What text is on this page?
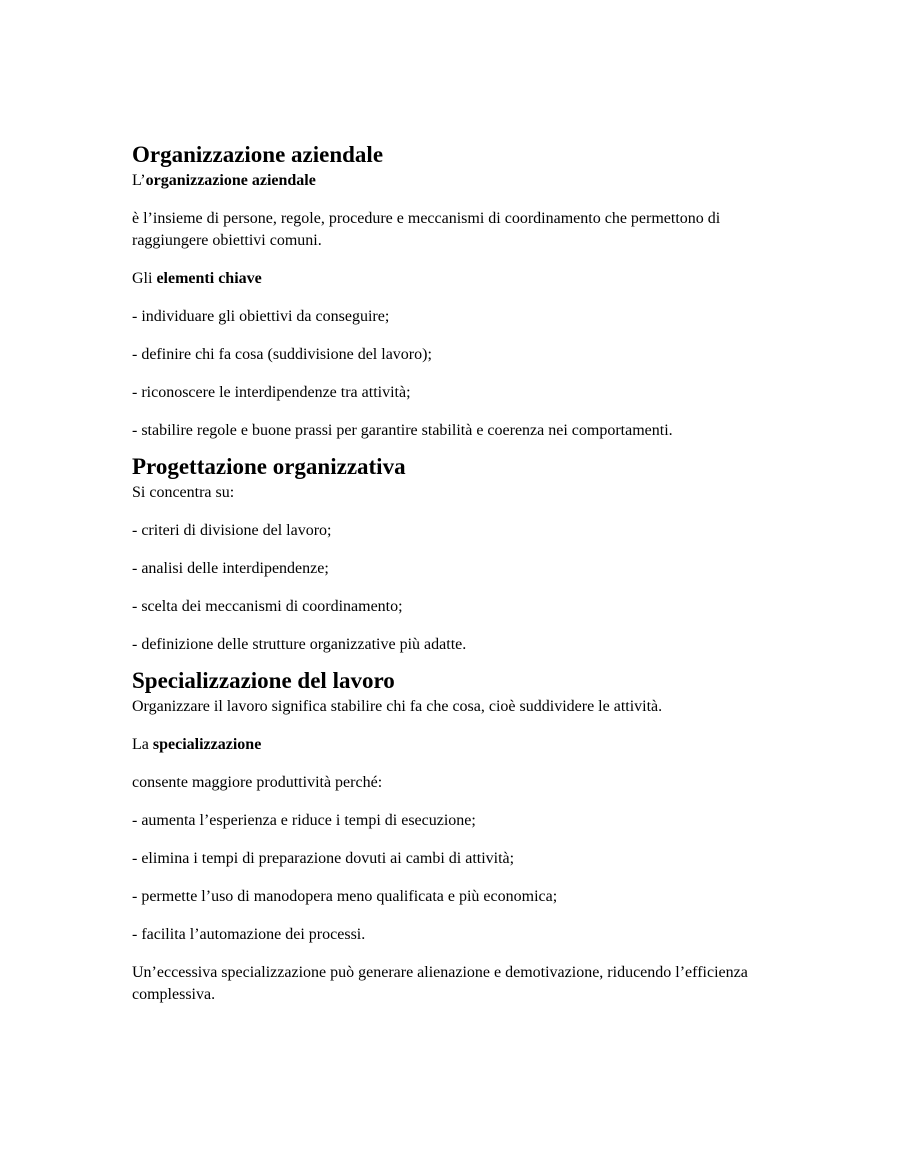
Organizzazione aziendale

L’organizzazione aziendale

è l’insieme di persone, regole, procedure e meccanismi di coordinamento che permettono di raggiungere obiettivi comuni.

Gli elementi chiave

- individuare gli obiettivi da conseguire;

- definire chi fa cosa (suddivisione del lavoro);

- riconoscere le interdipendenze tra attività;

- stabilire regole e buone prassi per garantire stabilità e coerenza nei comportamenti.

Progettazione organizzativa

Si concentra su:

- criteri di divisione del lavoro;

- analisi delle interdipendenze;

- scelta dei meccanismi di coordinamento;

- definizione delle strutture organizzative più adatte.

Specializzazione del lavoro

Organizzare il lavoro significa stabilire chi fa che cosa, cioè suddividere le attività.

La specializzazione

consente maggiore produttività perché:

- aumenta l’esperienza e riduce i tempi di esecuzione;

- elimina i tempi di preparazione dovuti ai cambi di attività;

- permette l’uso di manodopera meno qualificata e più economica;

- facilita l’automazione dei processi.

Un’eccessiva specializzazione può generare alienazione e demotivazione, riducendo l’efficienza complessiva.
